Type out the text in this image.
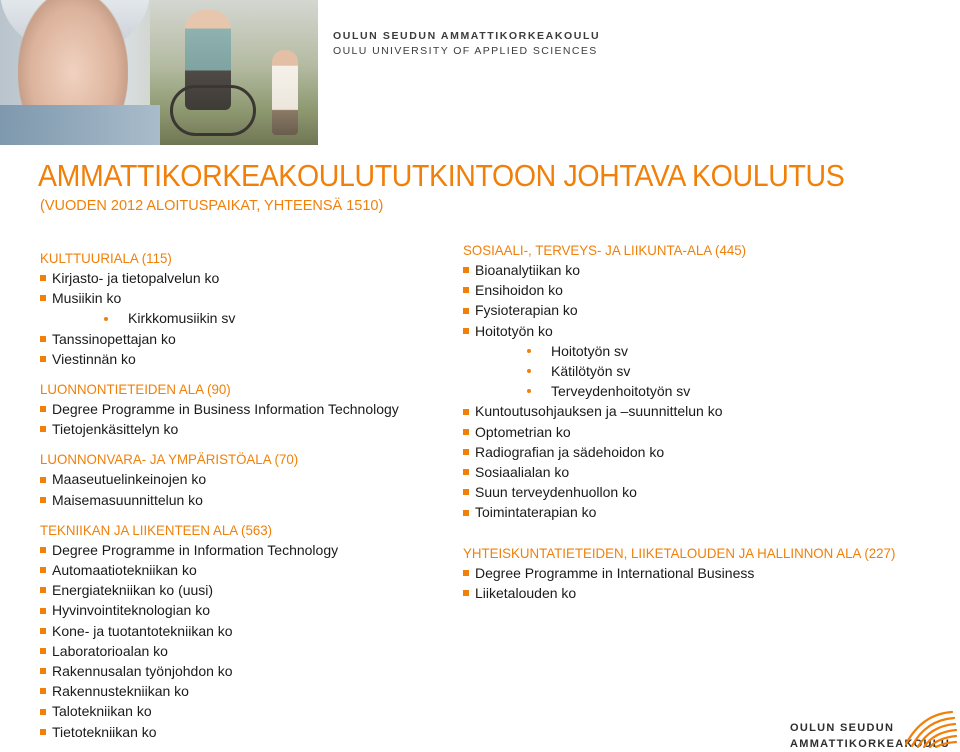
OULUN SEUDUN AMMATTIKORKEAKOULU
OULU UNIVERSITY OF APPLIED SCIENCES
AMMATTIKORKEAKOULUTUTKINTOON JOHTAVA KOULUTUS
(VUODEN 2012 ALOITUSPAIKAT, YHTEENSÄ 1510)
KULTTUURIALA (115)
Kirjasto- ja tietopalvelun ko
Musiikin ko
Kirkkomusiikin sv
Tanssinopettajan ko
Viestinnän ko
LUONNONTIETEIDEN ALA (90)
Degree Programme in Business Information Technology
Tietojenkäsittelyn ko
LUONNONVARA- JA YMPÄRISTÖALA (70)
Maaseutuelinkeinojen ko
Maisemasuunnittelun ko
TEKNIIKAN JA LIIKENTEEN ALA (563)
Degree Programme in Information Technology
Automaatiotekniikan ko
Energiatekniikan ko (uusi)
Hyvinvointiteknologian ko
Kone- ja tuotantotekniikan ko
Laboratorioalan ko
Rakennusalan työnjohdon ko
Rakennustekniikan ko
Talotekniikan ko
Tietotekniikan ko
SOSIAALI-, TERVEYS- JA LIIKUNTA-ALA (445)
Bioanalytiikan ko
Ensihoidon ko
Fysioterapian ko
Hoitotyön ko
Hoitotyön sv
Kätilötyön sv
Terveydenhoitotyön sv
Kuntoutusohjauksen ja –suunnittelun ko
Optometrian ko
Radiografian ja sädehoidon ko
Sosiaalialan ko
Suun terveydenhuollon ko
Toimintaterapian ko
YHTEISKUNTATIETEIDEN, LIIKETALOUDEN JA HALLINNON ALA (227)
Degree Programme in International Business
Liiketalouden ko
OULUN SEUDUN
AMMATTIKORKEAKOULU
